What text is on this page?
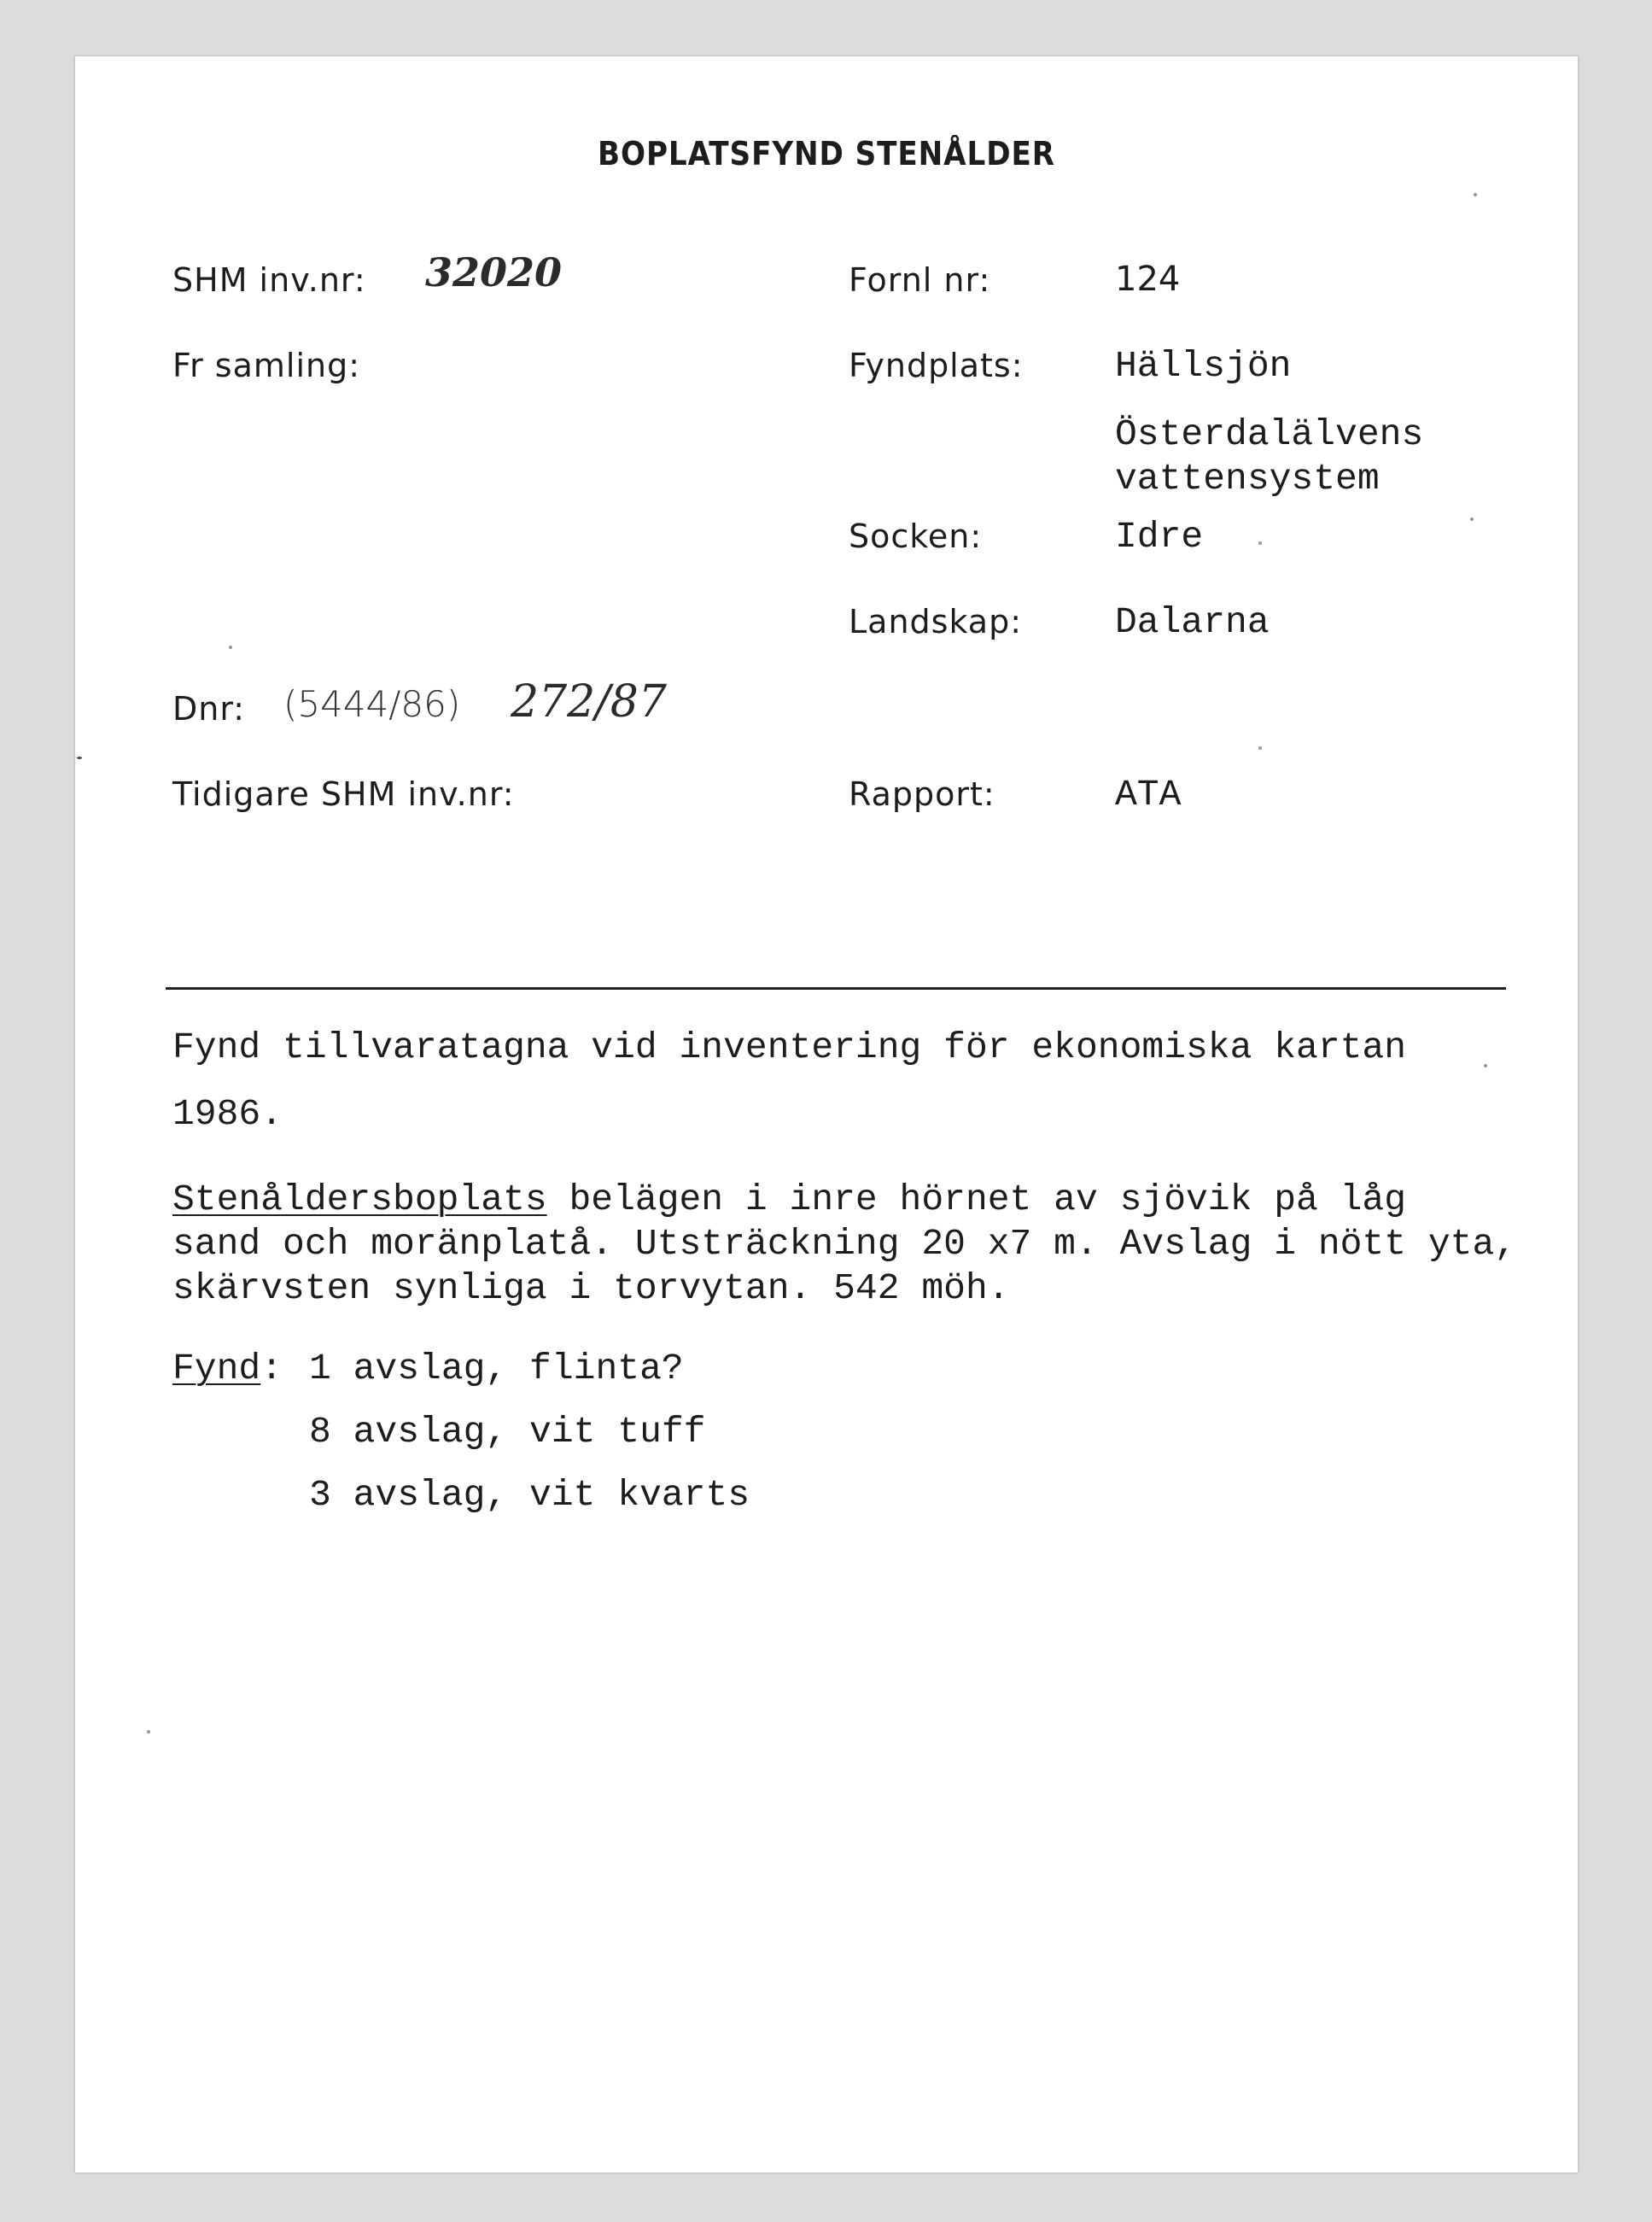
BOPLATSFYND STENÅLDER
SHM inv.nr: 32020
Fr samling:
Dnr: (5444/86) 272/87
Tidigare SHM inv.nr:
Fornl nr:	124
Fyndplats: Hällsjön
Österdalälvens
vattensystem
Socken:	Idre
Landskap:	Dalarna
Rapport:	ATA
Fynd tillvaratagna vid inventering för ekonomiska kartan
1986.
Stenåldersboplats belägen i inre hörnet av sjövik på låg
sand och moränplatå. Utsträckning 20 x7 m. Avslag i nött yta,
skärvsten synliga i torvytan. 542 möh.
Fynd: 1 avslag, flinta?
8 avslag, vit tuff
3 avslag, vit kvarts
